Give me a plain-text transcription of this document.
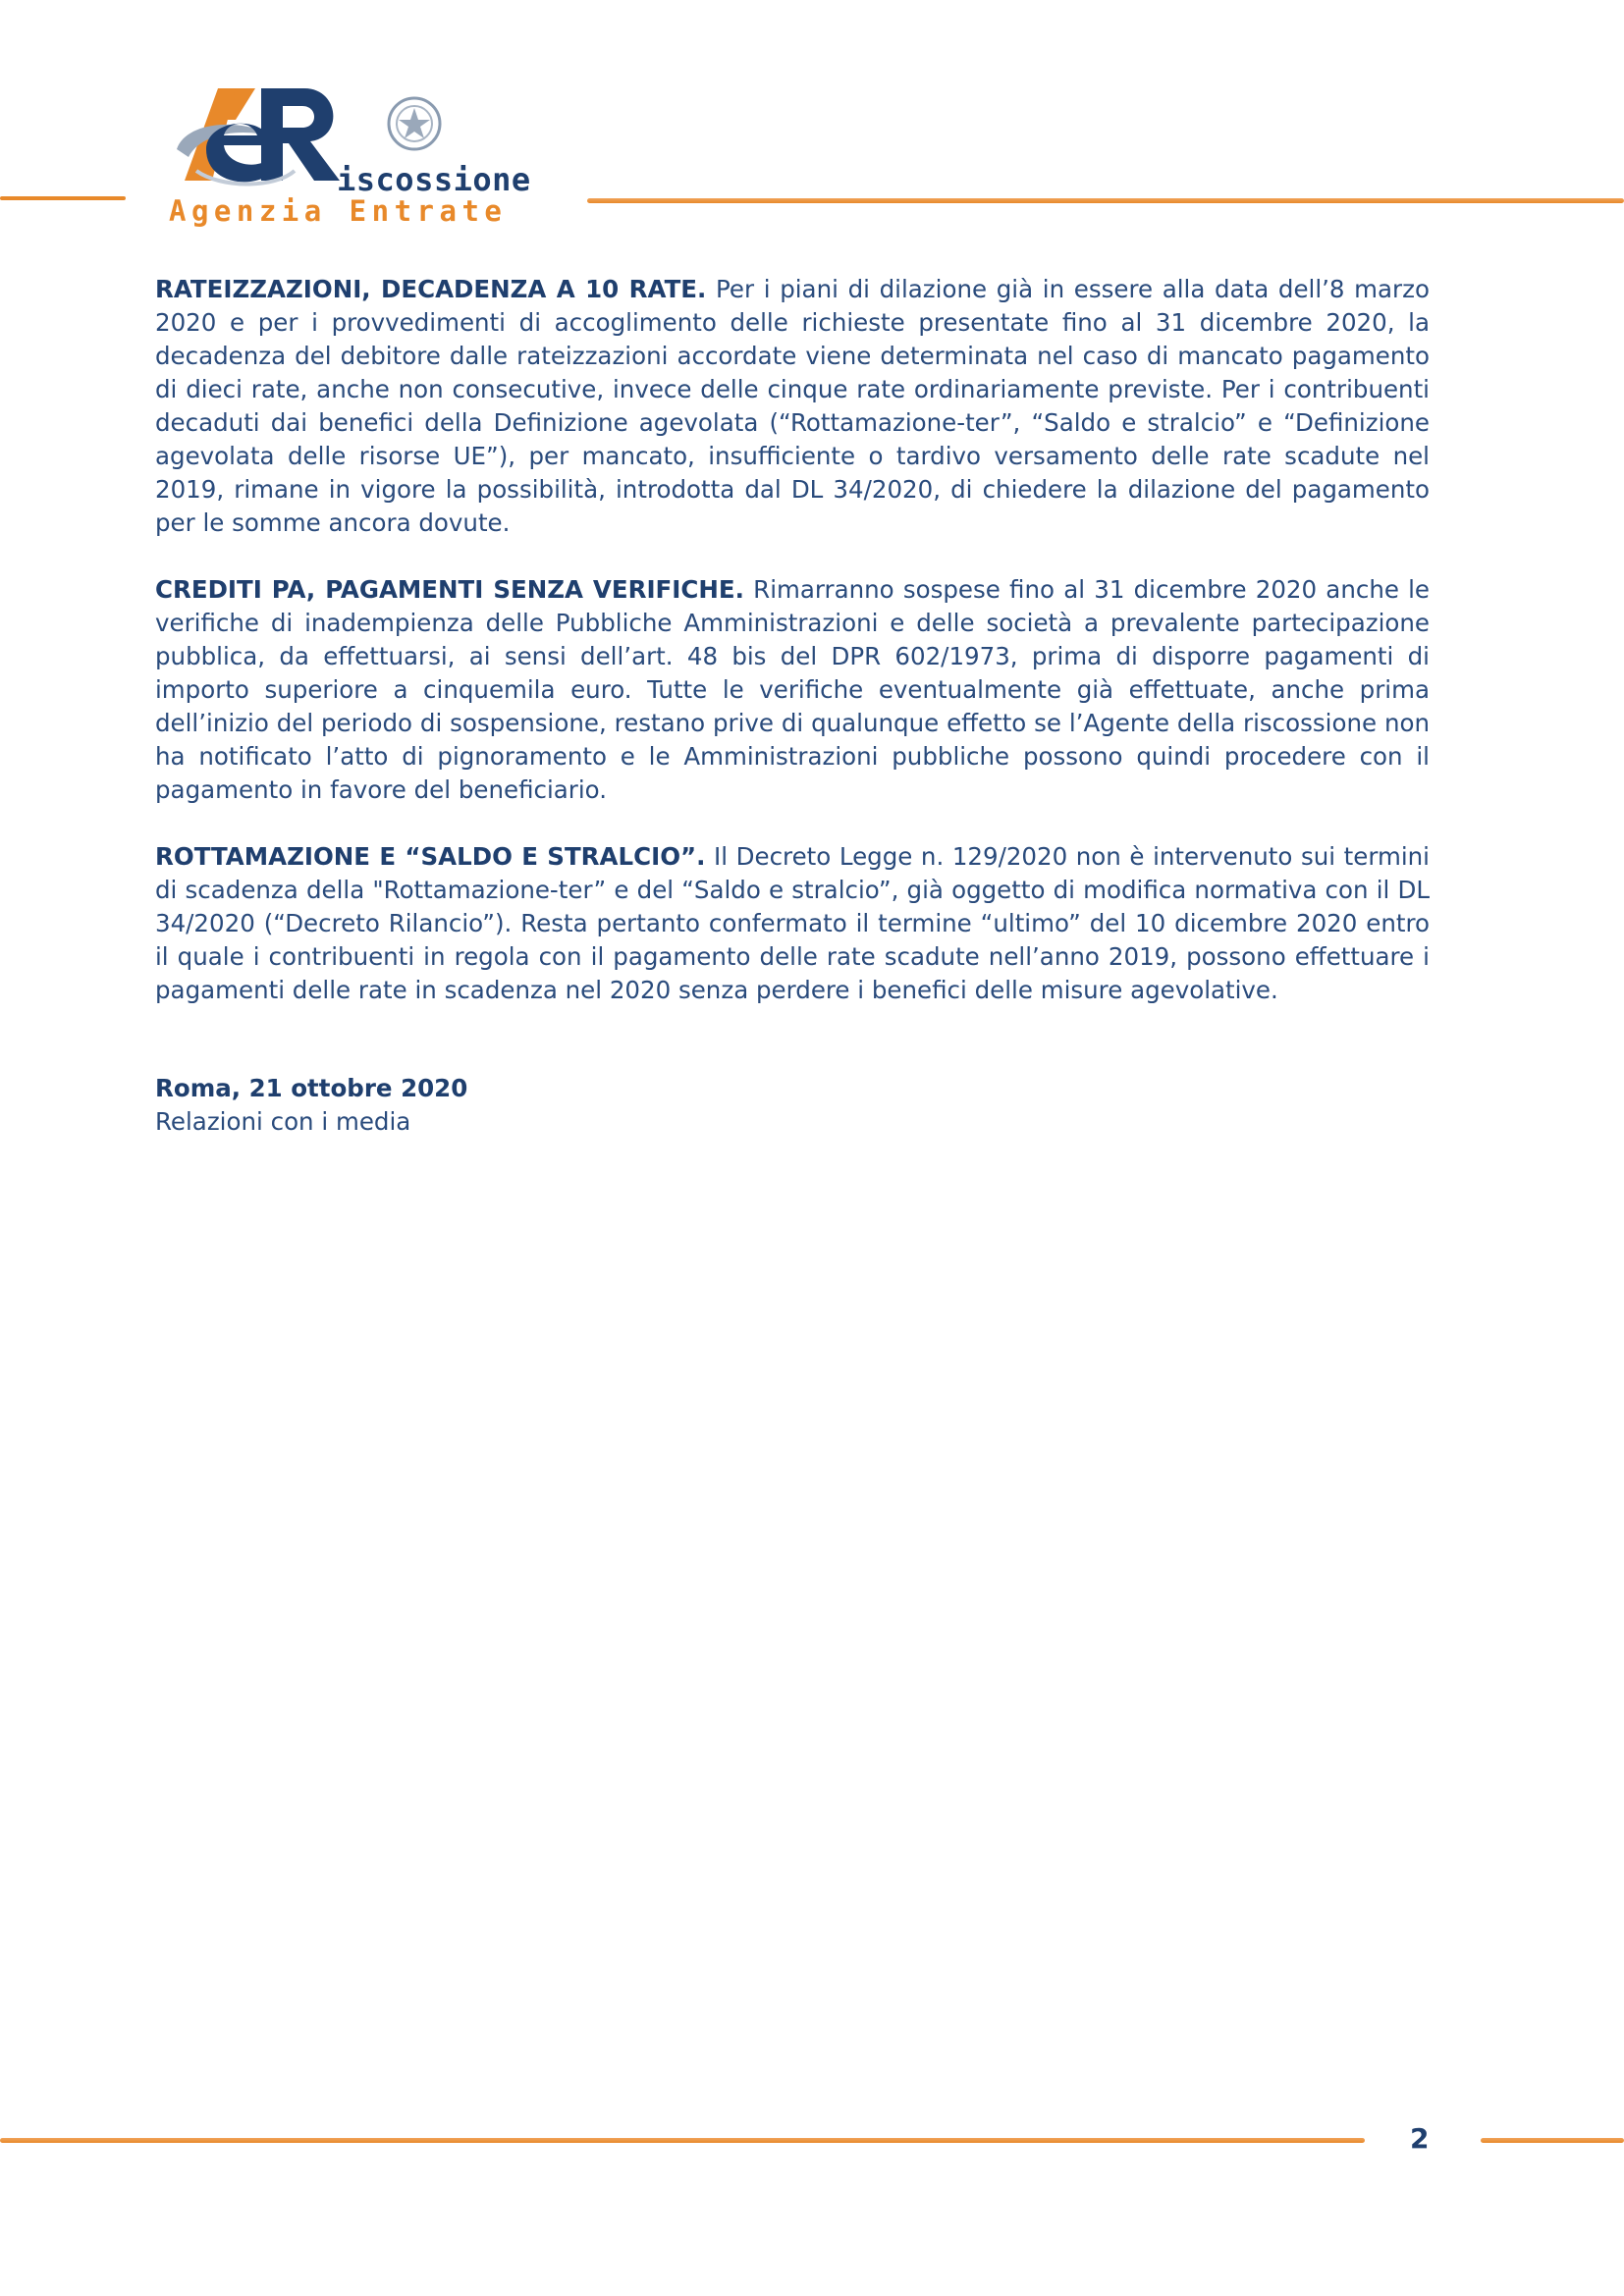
iscossione
Agenzia Entrate

RATEIZZAZIONI, DECADENZA A 10 RATE. Per i piani di dilazione già in essere alla data dell’8 marzo 2020 e per i provvedimenti di accoglimento delle richieste presentate fino al 31 dicembre 2020, la decadenza del debitore dalle rateizzazioni accordate viene determinata nel caso di mancato pagamento di dieci rate, anche non consecutive, invece delle cinque rate ordinariamente previste. Per i contribuenti decaduti dai benefici della Definizione agevolata (“Rottamazione-ter”, “Saldo e stralcio” e “Definizione agevolata delle risorse UE”), per mancato, insufficiente o tardivo versamento delle rate scadute nel 2019, rimane in vigore la possibilità, introdotta dal DL 34/2020, di chiedere la dilazione del pagamento per le somme ancora dovute.

CREDITI PA, PAGAMENTI SENZA VERIFICHE. Rimarranno sospese fino al 31 dicembre 2020 anche le verifiche di inadempienza delle Pubbliche Amministrazioni e delle società a prevalente partecipazione pubblica, da effettuarsi, ai sensi dell’art. 48 bis del DPR 602/1973, prima di disporre pagamenti di importo superiore a cinquemila euro. Tutte le verifiche eventualmente già effettuate, anche prima dell’inizio del periodo di sospensione, restano prive di qualunque effetto se l’Agente della riscossione non ha notificato l’atto di pignoramento e le Amministrazioni pubbliche possono quindi procedere con il pagamento in favore del beneficiario.

ROTTAMAZIONE E “SALDO E STRALCIO”. Il Decreto Legge n. 129/2020 non è intervenuto sui termini di scadenza della "Rottamazione-ter” e del “Saldo e stralcio”, già oggetto di modifica normativa con il DL 34/2020 (“Decreto Rilancio”). Resta pertanto confermato il termine “ultimo” del 10 dicembre 2020 entro il quale i contribuenti in regola con il pagamento delle rate scadute nell’anno 2019, possono effettuare i pagamenti delle rate in scadenza nel 2020 senza perdere i benefici delle misure agevolative.

Roma, 21 ottobre 2020
Relazioni con i media
2
